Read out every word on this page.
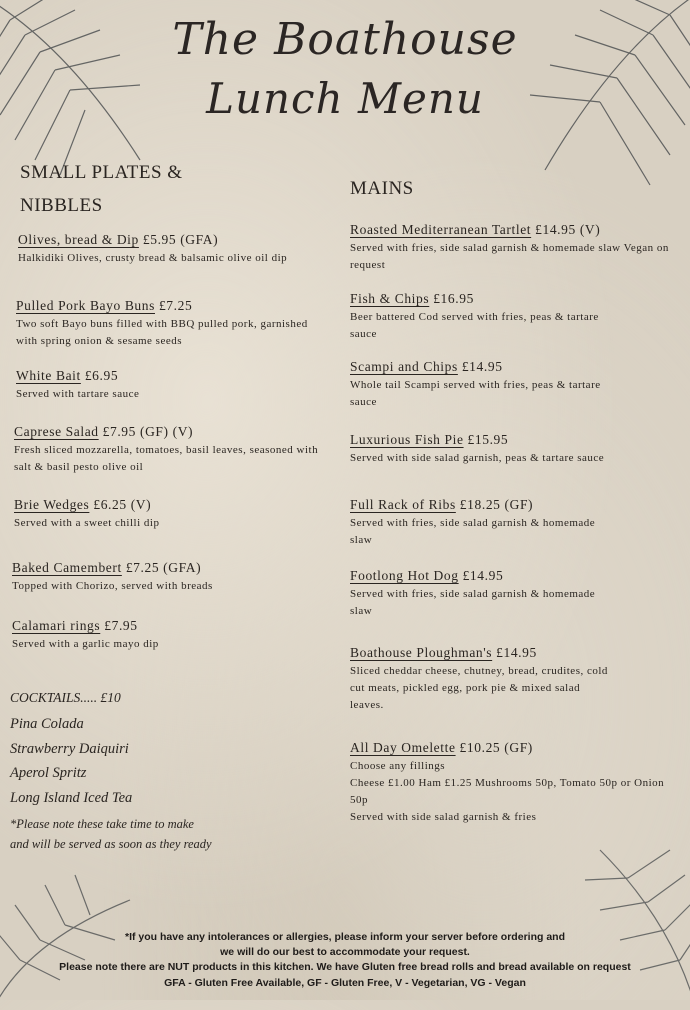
The Boathouse
Lunch Menu
SMALL PLATES &
NIBBLES
Olives, bread & Dip £5.95 (GFA)
Halkidiki Olives, crusty bread & balsamic olive oil dip
Pulled Pork Bayo Buns £7.25
Two soft Bayo buns filled with BBQ pulled pork, garnished with spring onion & sesame seeds
White Bait £6.95
Served with tartare sauce
Caprese Salad £7.95 (GF) (V)
Fresh sliced mozzarella, tomatoes, basil leaves, seasoned with salt & basil pesto olive oil
Brie Wedges £6.25 (V)
Served with a sweet chilli dip
Baked Camembert £7.25 (GFA)
Topped with Chorizo, served with breads
Calamari rings £7.95
Served with a garlic mayo dip
COCKTAILS..... £10
Pina Colada
Strawberry Daiquiri
Aperol Spritz
Long Island Iced Tea
*Please note these take time to make
and will be served as soon as they ready
MAINS
Roasted Mediterranean Tartlet £14.95 (V)
Served with fries, side salad garnish & homemade slaw Vegan on request
Fish & Chips £16.95
Beer battered Cod served with fries, peas & tartare sauce
Scampi and Chips £14.95
Whole tail Scampi served with fries, peas & tartare sauce
Luxurious Fish Pie £15.95
Served with side salad garnish, peas & tartare sauce
Full Rack of Ribs £18.25 (GF)
Served with fries, side salad garnish & homemade slaw
Footlong Hot Dog £14.95
Served with fries, side salad garnish & homemade slaw
Boathouse Ploughman's £14.95
Sliced cheddar cheese, chutney, bread, crudites, cold cut meats, pickled egg, pork pie & mixed salad leaves.
All Day Omelette £10.25 (GF)
Choose any fillings
Cheese £1.00 Ham £1.25 Mushrooms 50p, Tomato 50p or Onion 50p
Served with side salad garnish & fries
*If you have any intolerances or allergies, please inform your server before ordering and
we will do our best to accommodate your request.
Please note there are NUT products in this kitchen. We have Gluten free bread rolls and bread available on request
GFA - Gluten Free Available, GF - Gluten Free, V - Vegetarian, VG - Vegan
